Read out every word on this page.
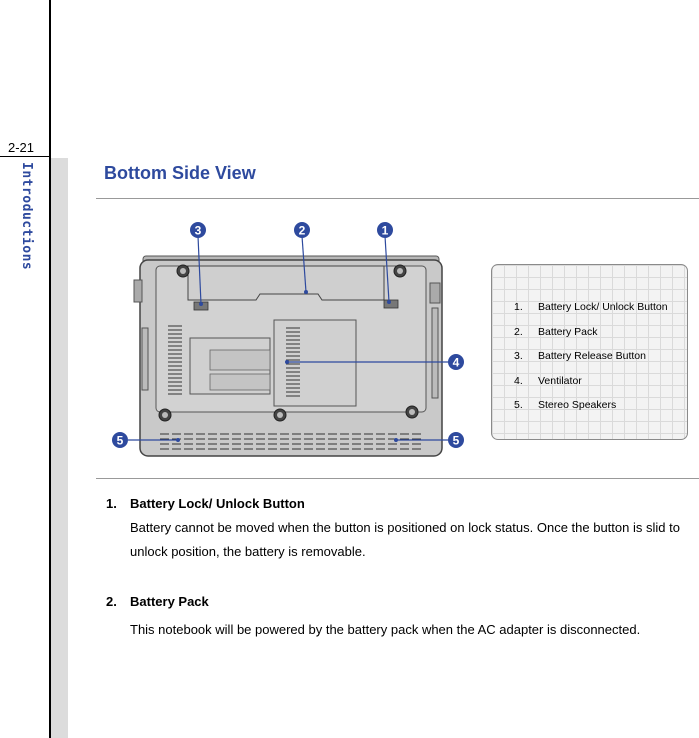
2-21
Introductions	Bottom Side View
3	2	1
4
5	5
1. Battery Lock/ Unlock Button
2. Battery Pack
3. Battery Release Button
4. Ventilator
5. Stereo Speakers
1. Battery Lock/ Unlock Button
Battery cannot be moved when the button is positioned on lock status. Once the button is slid to
unlock position, the battery is removable.
2. Battery Pack
This notebook will be powered by the battery pack when the AC adapter is disconnected.
